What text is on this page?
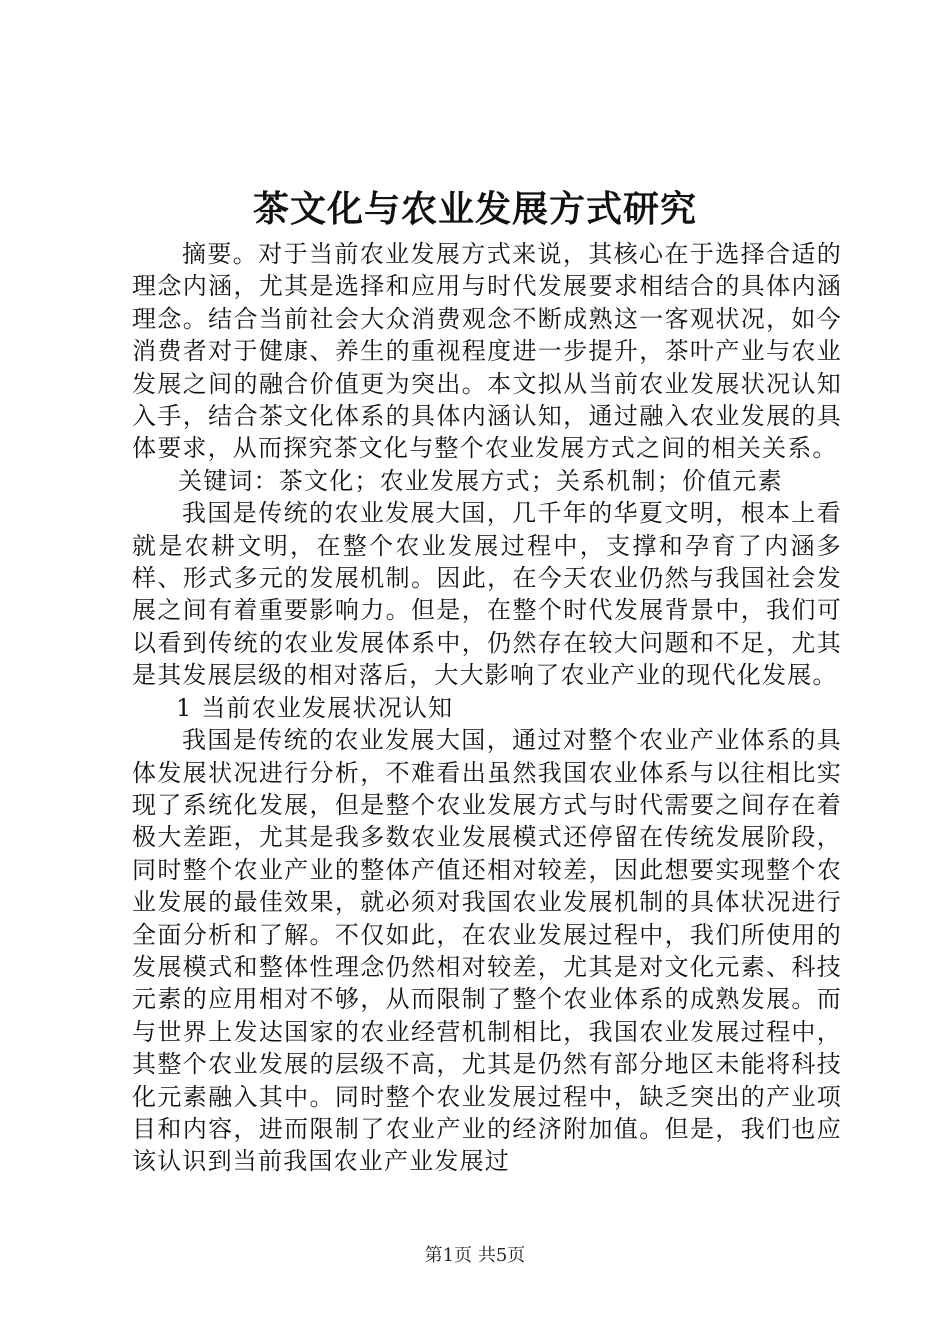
茶文化与农业发展方式研究

摘要。对于当前农业发展方式来说，其核心在于选择合适的理念内涵，尤其是选择和应用与时代发展要求相结合的具体内涵理念。结合当前社会大众消费观念不断成熟这一客观状况，如今消费者对于健康、养生的重视程度进一步提升，茶叶产业与农业发展之间的融合价值更为突出。本文拟从当前农业发展状况认知入手，结合茶文化体系的具体内涵认知，通过融入农业发展的具体要求，从而探究茶文化与整个农业发展方式之间的相关关系。

关键词：茶文化；农业发展方式；关系机制；价值元素

我国是传统的农业发展大国，几千年的华夏文明，根本上看就是农耕文明，在整个农业发展过程中，支撑和孕育了内涵多样、形式多元的发展机制。因此，在今天农业仍然与我国社会发展之间有着重要影响力。但是，在整个时代发展背景中，我们可以看到传统的农业发展体系中，仍然存在较大问题和不足，尤其是其发展层级的相对落后，大大影响了农业产业的现代化发展。

1 当前农业发展状况认知

我国是传统的农业发展大国，通过对整个农业产业体系的具体发展状况进行分析，不难看出虽然我国农业体系与以往相比实现了系统化发展，但是整个农业发展方式与时代需要之间存在着极大差距，尤其是我多数农业发展模式还停留在传统发展阶段，同时整个农业产业的整体产值还相对较差，因此想要实现整个农业发展的最佳效果，就必须对我国农业发展机制的具体状况进行全面分析和了解。不仅如此，在农业发展过程中，我们所使用的发展模式和整体性理念仍然相对较差，尤其是对文化元素、科技元素的应用相对不够，从而限制了整个农业体系的成熟发展。而与世界上发达国家的农业经营机制相比，我国农业发展过程中，其整个农业发展的层级不高，尤其是仍然有部分地区未能将科技化元素融入其中。同时整个农业发展过程中，缺乏突出的产业项目和内容，进而限制了农业产业的经济附加值。但是，我们也应该认识到当前我国农业产业发展过

第1页 共5页
